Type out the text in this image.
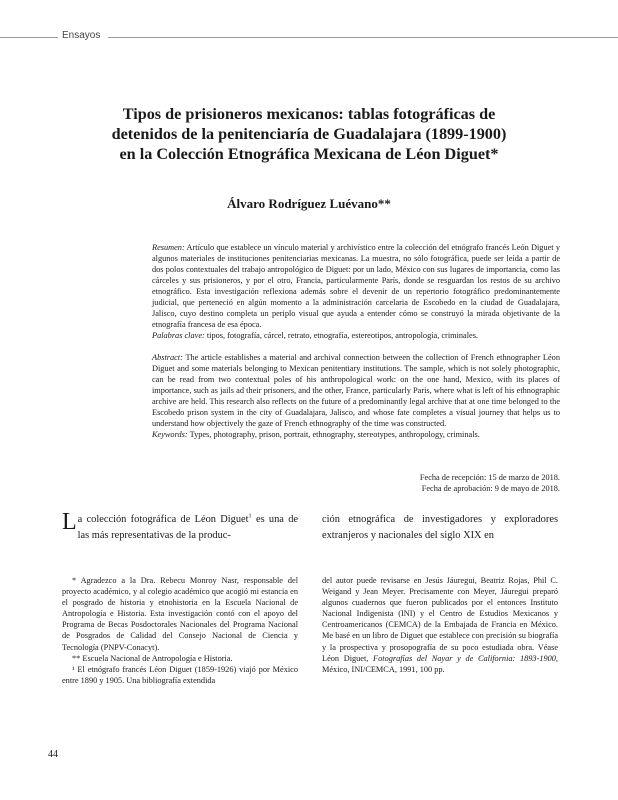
Ensayos
Tipos de prisioneros mexicanos: tablas fotográficas de
detenidos de la penitenciaría de Guadalajara (1899-1900)
en la Colección Etnográfica Mexicana de Léon Diguet*
Álvaro Rodríguez Luévano**

Resumen: Artículo que establece un vínculo material y archivístico entre la colección del etnógrafo francés León Diguet y algunos materiales de instituciones penitenciarias mexicanas. La muestra, no sólo fotográfica, puede ser leída a partir de dos polos contextuales del trabajo antropológico de Diguet: por un lado, México con sus lugares de importancia, como las cárceles y sus prisioneros, y por el otro, Francia, particularmente París, donde se resguardan los restos de su archivo etnográfico. Esta investigación reflexiona además sobre el devenir de un repertorio fotográfico predominantemente judicial, que perteneció en algún momento a la administración carcelaria de Escobedo en la ciudad de Guadalajara, Jalisco, cuyo destino completa un periplo visual que ayuda a entender cómo se construyó la mirada objetivante de la etnografía francesa de esa época.

Palabras clave: tipos, fotografía, cárcel, retrato, etnografía, estereotipos, antropología, criminales.

Abstract: The article establishes a material and archival connection between the collection of French ethnographer Léon Diguet and some materials belonging to Mexican penitentiary institutions. The sample, which is not solely photographic, can be read from two contextual poles of his anthropological work: on the one hand, Mexico, with its places of importance, such as jails ad their prisoners, and the other, France, particularly Paris, where what is left of his ethnographic archive are held. This research also reflects on the future of a predominantly legal archive that at one time belonged to the Escobedo prison system in the city of Guadalajara, Jalisco, and whose fate completes a visual journey that helps us to understand how objectively the gaze of French ethnography of the time was constructed.

Keywords: Types, photography, prison, portrait, ethnography, stereotypes, anthropology, criminals.

Fecha de recepción: 15 de marzo de 2018.
Fecha de aprobación: 9 de mayo de 2018.
La colección fotográfica de Léon Diguet$^1$ es una de las más representativas de la produc-
ción etnográfica de investigadores y exploradores extranjeros y nacionales del siglo XIX en

* Agradezco a la Dra. Rebecu Monroy Nasr, responsable del proyecto académico, y al colegio académico que acogió mi estancia en el posgrado de historia y etnohistoria en la Escuela Nacional de Antropología e Historia. Esta investigación contó con el apoyo del Programa de Becas Posdoctorales Nacionales del Programa Nacional de Posgrados de Calidad del Consejo Nacional de Ciencia y Tecnología (PNPV-Conacyt).

** Escuela Nacional de Antropología e Historia.

¹ El etnógrafo francés Léon Diguet (1859-1926) viajó por México entre 1890 y 1905. Una bibliografía extendida

del autor puede revisarse en Jesús Jáuregui, Beatriz Rojas, Phil C. Weigand y Jean Meyer. Precisamente con Meyer, Jáuregui preparó algunos cuadernos que fueron publicados por el entonces Instituto Nacional Indigenista (INI) y el Centro de Estudios Mexicanos y Centroamericanos (CEMCA) de la Embajada de Francia en México. Me basé en un libro de Diguet que establece con precisión su biografía y la prospectiva y prosopografía de su poco estudiada obra. Véase Léon Diguet, Fotografías del Nayar y de California: 1893-1900, México, INI/CEMCA, 1991, 100 pp.

44
